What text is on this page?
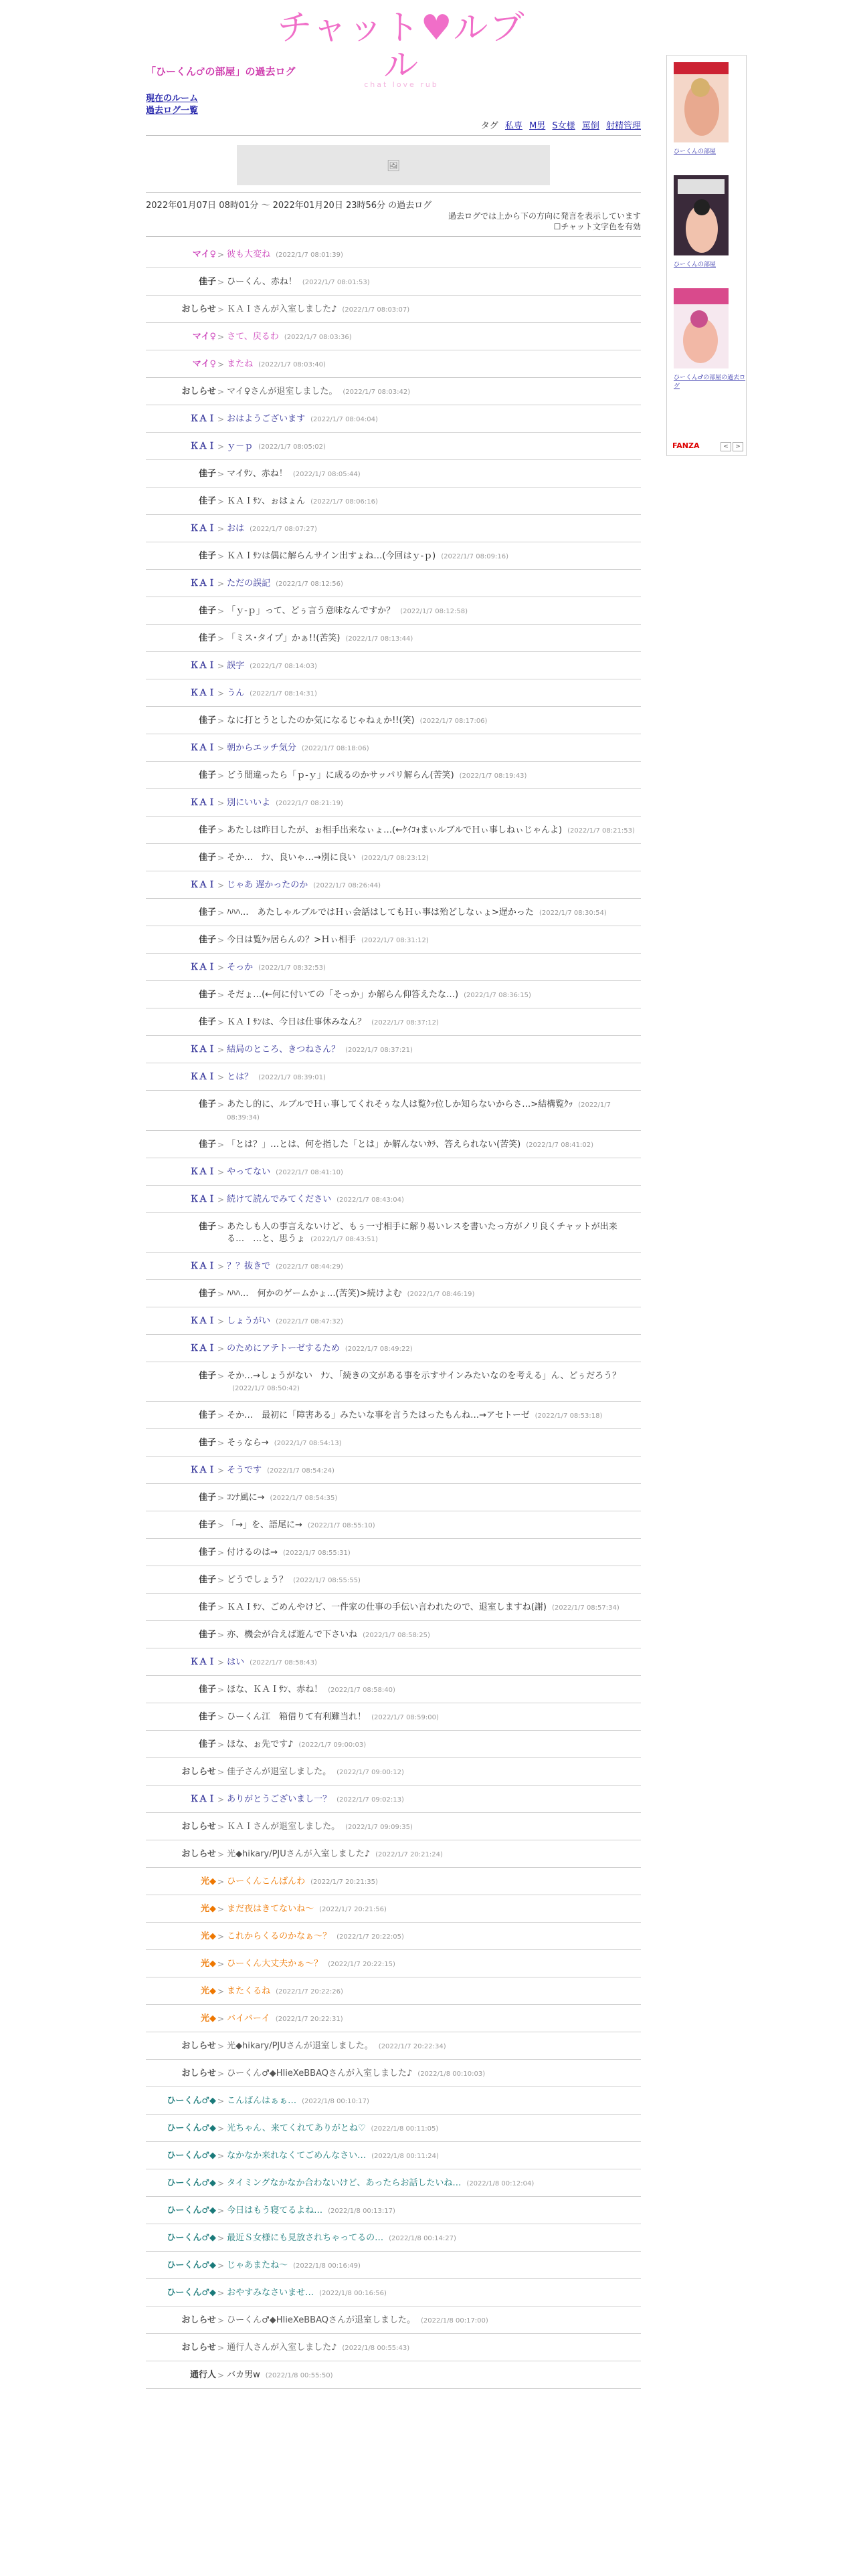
チャット♥ルブル
chat love rub
「ひーくん♂の部屋」の過去ログ
現在のルーム
過去ログ一覧
タグ 私専 M男 S女様 罵倒 射精管理
🖼
2022年01月07日 08時01分 〜 2022年01月20日 23時56分 の過去ログ
過去ログでは上から下の方向に発言を表示しています
☐チャット文字色を有効
マイ♀ > 彼も大変ね (2022/1/7 08:01:39)
佳子 > ひーくん、赤ね！ (2022/1/7 08:01:53)
おしらせ > ＫＡＩさんが入室しました♪ (2022/1/7 08:03:07)
マイ♀ > さて、戻るわ (2022/1/7 08:03:36)
マイ♀ > またね (2022/1/7 08:03:40)
おしらせ > マイ♀さんが退室しました。 (2022/1/7 08:03:42)
ＫＡＩ > おはようございます (2022/1/7 08:04:04)
ＫＡＩ > ｙ－ｐ (2022/1/7 08:05:02)
佳子 > マイｻﾝ、赤ね！ (2022/1/7 08:05:44)
佳子 > ＫＡＩｻﾝ、ぉはょん (2022/1/7 08:06:16)
ＫＡＩ > おは (2022/1/7 08:07:27)
佳子 > ＫＡＩｻﾝは偶に解らんサイン出すょね…(今回はｙ-ｐ) (2022/1/7 08:09:16)
ＫＡＩ > ただの誤記 (2022/1/7 08:12:56)
佳子 > 「ｙ-ｐ」って、どぅ言う意味なんですか？ (2022/1/7 08:12:58)
佳子 > 「ミス･タイプ」かぁ!!(苦笑) (2022/1/7 08:13:44)
ＫＡＩ > 誤字 (2022/1/7 08:14:03)
ＫＡＩ > うん (2022/1/7 08:14:31)
佳子 > なに打とうとしたのか気になるじゃねぇか!!(笑) (2022/1/7 08:17:06)
ＫＡＩ > 朝からエッチ気分 (2022/1/7 08:18:06)
佳子 > どう間違ったら「ｐ-ｙ」に成るのかサッパリ解らん(苦笑) (2022/1/7 08:19:43)
ＫＡＩ > 別にいいよ (2022/1/7 08:21:19)
佳子 > あたしは昨日したが、ぉ相手出来なぃょ…(←ｹｲｺｫまぃルブルでＨぃ事しねぃじゃんよ) (2022/1/7 08:21:53)
佳子 > そか…　ﾅﾝ、良いゃ…→別に良い (2022/1/7 08:23:12)
ＫＡＩ > じゃあ 遅かったのか (2022/1/7 08:26:44)
佳子 > ﾊﾊﾊ…　あたしゃルブルではＨぃ会話はしてもＨぃ事は殆どしなぃょ>遅かった (2022/1/7 08:30:54)
佳子 > 今日は覧ｸｯ居らんの？>Ｈぃ相手 (2022/1/7 08:31:12)
ＫＡＩ > そっか (2022/1/7 08:32:53)
佳子 > そだょ…(←何に付いての「そっか」か解らん仰答えたな…) (2022/1/7 08:36:15)
佳子 > ＫＡＩｻﾝは、今日は仕事休みなん？ (2022/1/7 08:37:12)
ＫＡＩ > 結局のところ、きつねさん？ (2022/1/7 08:37:21)
ＫＡＩ > とは？ (2022/1/7 08:39:01)
佳子 > あたし的に、ルブルでＨぃ事してくれそぅな人は覧ｸｯ位しか知らないからさ…>結構覧ｸｯ (2022/1/7 08:39:34)
佳子 > 「とは？」…とは、何を指した「とは」か解んないｶﾗ、答えられない(苦笑) (2022/1/7 08:41:02)
ＫＡＩ > やってない (2022/1/7 08:41:10)
ＫＡＩ > 続けて読んでみてください (2022/1/7 08:43:04)
佳子 > あたしも人の事言えないけど、もぅ一寸相手に解り易いレスを書いたっ方がノリ良くチャットが出来る…　…と、思うょ (2022/1/7 08:43:51)
ＫＡＩ > ？？抜きで (2022/1/7 08:44:29)
佳子 > ﾊﾊﾊ…　何かのゲームかょ…(苦笑)>続けよむ (2022/1/7 08:46:19)
ＫＡＩ > しょうがい (2022/1/7 08:47:32)
ＫＡＩ > のためにアテトーゼするため (2022/1/7 08:49:22)
佳子 > そか…→しょうがない　ﾅﾝ、「続きの文がある事を示すサインみたいなのを考える」ん、どぅだろう？(2022/1/7 08:50:42)
佳子 > そか…　最初に「障害ある」みたいな事を言うたはったもんね…→アセトーゼ (2022/1/7 08:53:18)
佳子 > そぅなら→ (2022/1/7 08:54:13)
ＫＡＩ > そうです (2022/1/7 08:54:24)
佳子 > ｺﾝﾅ風に→ (2022/1/7 08:54:35)
佳子 > 「→」を、語尾に→ (2022/1/7 08:55:10)
佳子 > 付けるのは→ (2022/1/7 08:55:31)
佳子 > どうでしょう？ (2022/1/7 08:55:55)
佳子 > ＫＡＩｻﾝ、ごめんやけど、一件家の仕事の手伝い言われたので、退室しますね(謝) (2022/1/7 08:57:34)
佳子 > 亦、機会が合えば遊んで下さいね (2022/1/7 08:58:25)
ＫＡＩ > はい (2022/1/7 08:58:43)
佳子 > ほな、ＫＡＩｻﾝ、赤ね！ (2022/1/7 08:58:40)
佳子 > ひーくん江　箱借りて有利難当れ！ (2022/1/7 08:59:00)
佳子 > ほな、ぉ先です♪ (2022/1/7 09:00:03)
おしらせ > 佳子さんが退室しました。 (2022/1/7 09:00:12)
ＫＡＩ > ありがとうございまし一？ (2022/1/7 09:02:13)
おしらせ > ＫＡＩさんが退室しました。 (2022/1/7 09:09:35)
おしらせ > 光◆hikary/PJUさんが入室しました♪ (2022/1/7 20:21:24)
光◆ > ひーくんこんばんわ (2022/1/7 20:21:35)
光◆ > まだ夜はきてないね～ (2022/1/7 20:21:56)
光◆ > これからくるのかなぁ～？ (2022/1/7 20:22:05)
光◆ > ひーくん大丈夫かぁ～？ (2022/1/7 20:22:15)
光◆ > またくるね (2022/1/7 20:22:26)
光◆ > バイバーイ (2022/1/7 20:22:31)
おしらせ > 光◆hikary/PJUさんが退室しました。 (2022/1/7 20:22:34)
おしらせ > ひーくん♂◆HIieXeBBAQさんが入室しました♪ (2022/1/8 00:10:03)
ひーくん♂◆ > こんばんはぁぁ… (2022/1/8 00:10:17)
ひーくん♂◆ > 光ちゃん、来てくれてありがとね♡ (2022/1/8 00:11:05)
ひーくん♂◆ > なかなか来れなくてごめんなさい… (2022/1/8 00:11:24)
ひーくん♂◆ > タイミングなかなか合わないけど、あったらお話したいね… (2022/1/8 00:12:04)
ひーくん♂◆ > 今日はもう寝てるよね… (2022/1/8 00:13:17)
ひーくん♂◆ > 最近Ｓ女様にも見放されちゃってるの… (2022/1/8 00:14:27)
ひーくん♂◆ > じゃあまたね～ (2022/1/8 00:16:49)
ひーくん♂◆ > おやすみなさいませ… (2022/1/8 00:16:56)
おしらせ > ひーくん♂◆HIieXeBBAQさんが退室しました。 (2022/1/8 00:17:00)
おしらせ > 通行人さんが入室しました♪ (2022/1/8 00:55:43)
通行人 > バカ男w (2022/1/8 00:55:50)
ひーくんの部屋
ひーくんの部屋
ひーくん♂の部屋の過去ログ
FANZA	<	>
